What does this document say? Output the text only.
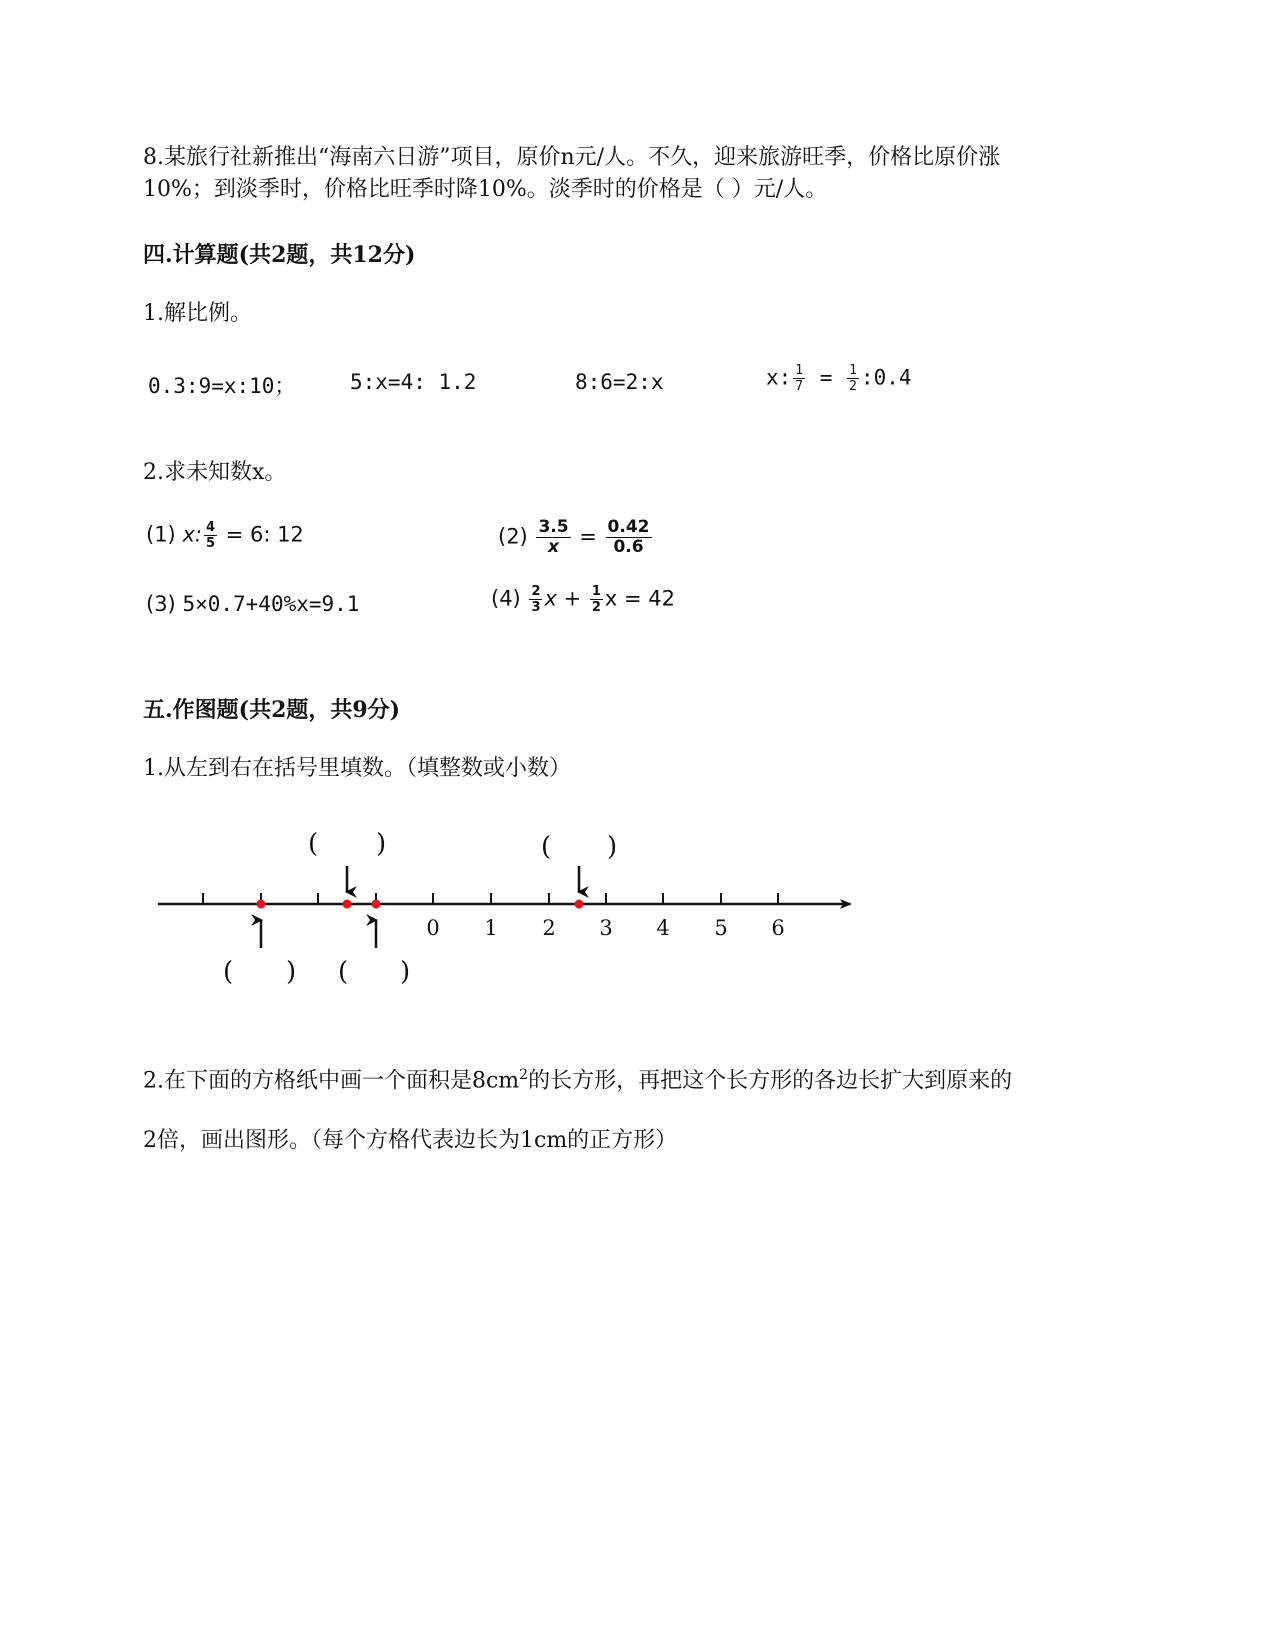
8.某旅行社新推出“海南六日游”项目，原价n元/人。不久，迎来旅游旺季，价格比原价涨
10%；到淡季时，价格比旺季时降10%。淡季时的价格是（ ）元/人。
四.计算题(共2题，共12分)
1.解比例。
0.3:9=x:10；	5:x=4: 1.2	8:6=2:x	x: $\frac{1}{7} = \frac{1}{2}$ :0.4
2.求未知数x。
(1) x: $\frac{4}{5} = 6$: 12	$(2) \frac{3.5}{x} = \frac{0.42}{0.6}$
(3) 5×0.7+40%x=9.1	$(4) \frac{2}{3}$ $x + \frac{1}{2}$ x = 42
五.作图题(共2题，共9分)
1.从左到右在括号里填数。（填整数或小数）
0 1 2 3 4 5 6
( )	( )
( ) ( )
2.在下面的方格纸中画一个面积是$8cm^2$的长方形，再把这个长方形的各边长扩大到原来的
2倍，画出图形。（每个方格代表边长为1cm的正方形）
